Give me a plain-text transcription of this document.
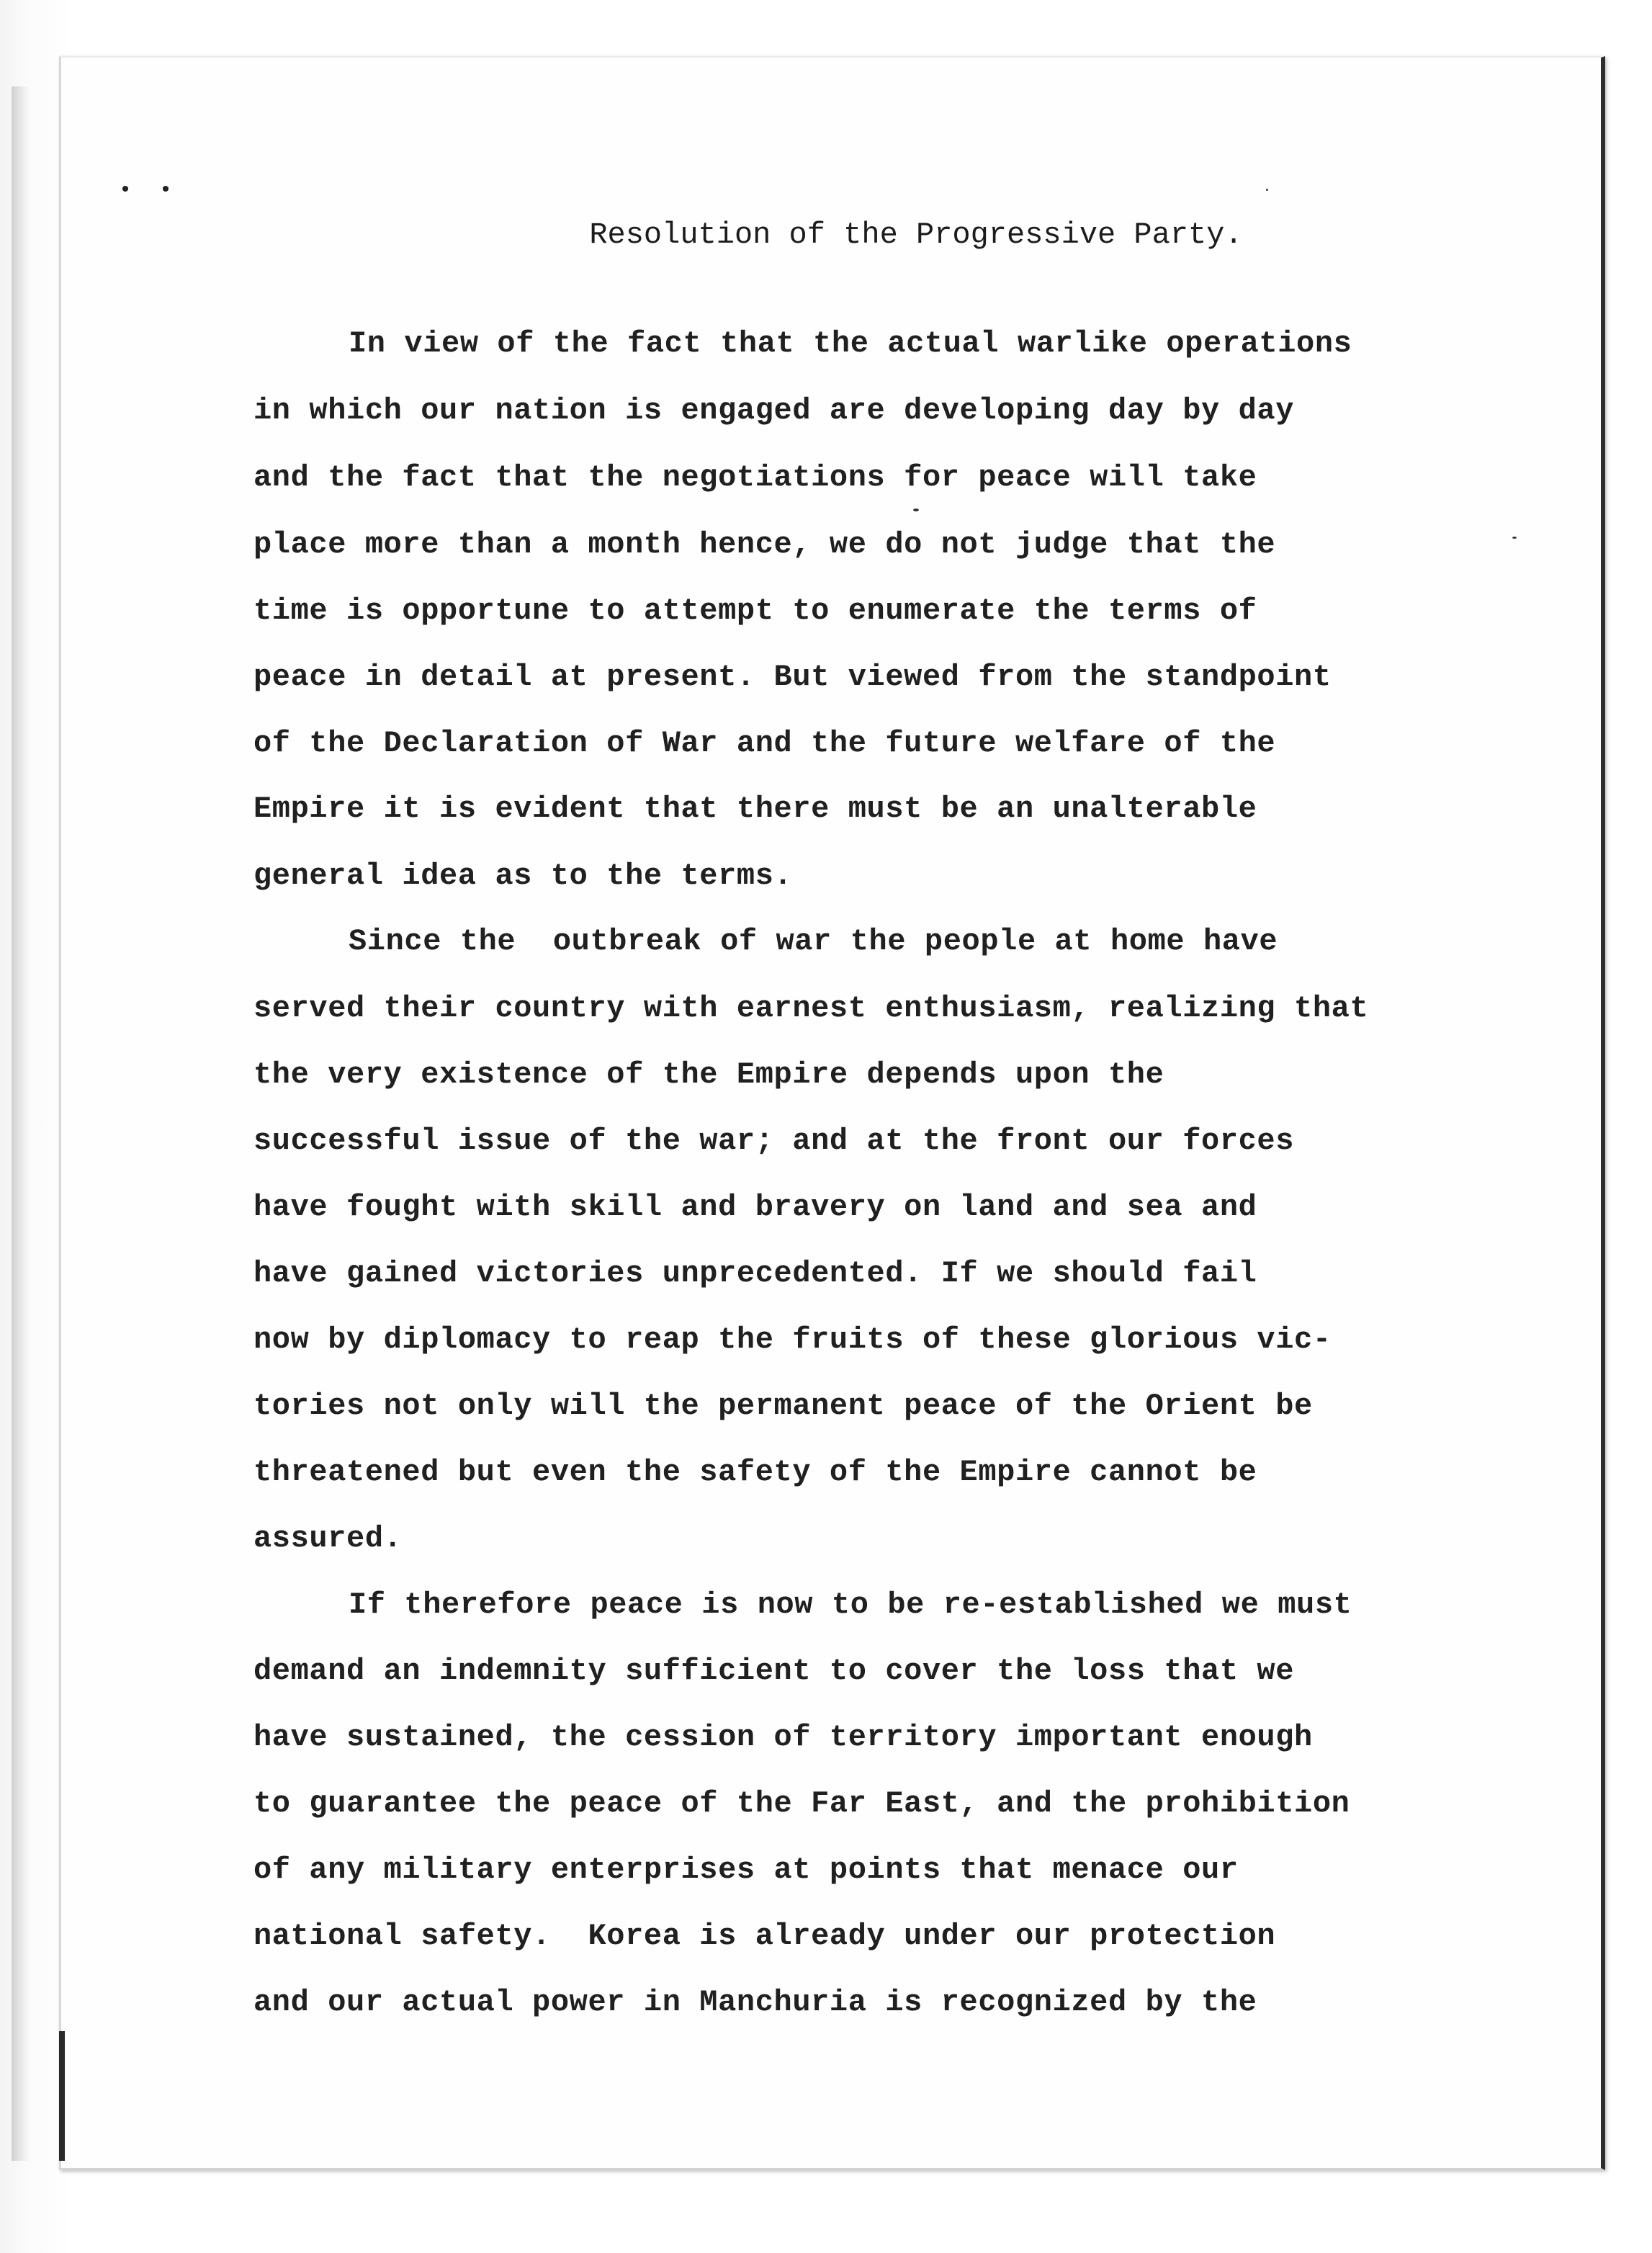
• •
Resolution of the Progressive Party.
In view of the fact that the actual warlike operations
in which our nation is engaged are developing day by day
and the fact that the negotiations for peace will take
place more than a month hence, we do not judge that the
time is opportune to attempt to enumerate the terms of
peace in detail at present. But viewed from the standpoint
of the Declaration of War and the future welfare of the
Empire it is evident that there must be an unalterable
general idea as to the terms.
Since the  outbreak of war the people at home have
served their country with earnest enthusiasm, realizing that
the very existence of the Empire depends upon the
successful issue of the war; and at the front our forces
have fought with skill and bravery on land and sea and
have gained victories unprecedented. If we should fail
now by diplomacy to reap the fruits of these glorious vic-
tories not only will the permanent peace of the Orient be
threatened but even the safety of the Empire cannot be
assured.
If therefore peace is now to be re-established we must
demand an indemnity sufficient to cover the loss that we
have sustained, the cession of territory important enough
to guarantee the peace of the Far East, and the prohibition
of any military enterprises at points that menace our
national safety.  Korea is already under our protection
and our actual power in Manchuria is recognized by the
